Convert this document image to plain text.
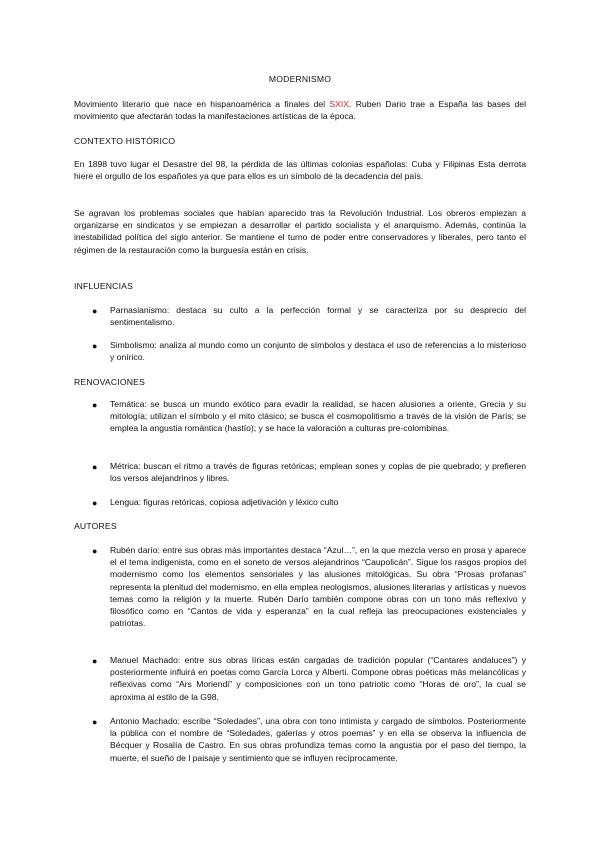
MODERNISMO
Movimiento literario que nace en hispanoamérica a finales del SXIX. Ruben Dario trae a España las bases del movimiento que afectarán todas la manifestaciones artísticas de la época.
CONTEXTO HISTÓRICO
En 1898 tuvo lugar el Desastre del 98, la pérdida de las últimas colonias españolas: Cuba y Filipinas Esta derrota hiere el orgullo de los españoles ya que para ellos es un símbolo de la decadencia del país.
Se agravan los problemas sociales que habían aparecido tras la Revolución Industrial. Los obreros empiezan a organizarse en sindicatos y se empiezan a desarrollar el partido socialista y el anarquismo. Además, continúa la inestabilidad política del siglo anterior. Se mantiene el turno de poder entre conservadores y liberales, pero tanto el régimen de la restauración como la burguesía están en crisis.
INFLUENCIAS
●	Parnasianismo: destaca su culto a la perfección formal y se caracteriza por su desprecio del sentimentalismo.
●	Simbolismo: analiza al mundo como un conjunto de símbolos y destaca el uso de referencias a lo misterioso y onírico.
RENOVACIONES
●	Temática: se busca un mundo exótico para evadir la realidad, se hacen alusiones a oriente, Grecia y su mitología; utilizan el símbolo y el mito clásico; se busca el cosmopolitismo a través de la visión de París; se emplea la angustia romántica (hastío); y se hace la valoración a culturas pre-colombinas.
●	Métrica: buscan el ritmo a través de figuras retóricas; emplean sones y coplas de pie quebrado; y prefieren los versos alejandrinos y libres.
●	Lengua: figuras retóricas, copiosa adjetivación y léxico culto
AUTORES
●	Rubén darío: entre sus obras más importantes destaca “Azul…”, en la que mezcla verso en prosa y aparece el el tema indigenista, como en el soneto de versos alejandrinos “Caupolicán”. Sigue los rasgos propios del modernismo como los elementos sensoriales y las alusiones mitológicas. Su obra “Prosas profanas” representa la plenitud del modernismo, en ella emplea neologismos, alusiones literarias y artísticas y nuevos temas como la religión y la muerte. Rubén Darío también compone obras con un tono más reflexivo y filosófico como en “Cantos de vida y esperanza” en la cual refleja las preocupaciones existenciales y patriotas.
●	Manuel Machado: entre sus obras líricas están cargadas de tradición popular (“Cantares andaluces”) y posteriormente influirá en poetas como García Lorca y Alberti. Compone obras poéticas más melancólicas y reflexivas como “Ars Moriendi” y composiciones con un tono patriotic como “Horas de oro”, la cual se aproxima al estilo de la G98.
●	Antonio Machado: escribe “Soledades”, una obra con tono intimista y cargado de símbolos. Posteriormente la pública con el nombre de “Soledades, galerías y otros poemas” y en ella se observa la influencia de Bécquer y Rosalía de Castro. En sus obras profundiza temas como la angustia por el paso del tiempo, la muerte, el sueño de l paisaje y sentimiento que se influyen recíprocamente.
